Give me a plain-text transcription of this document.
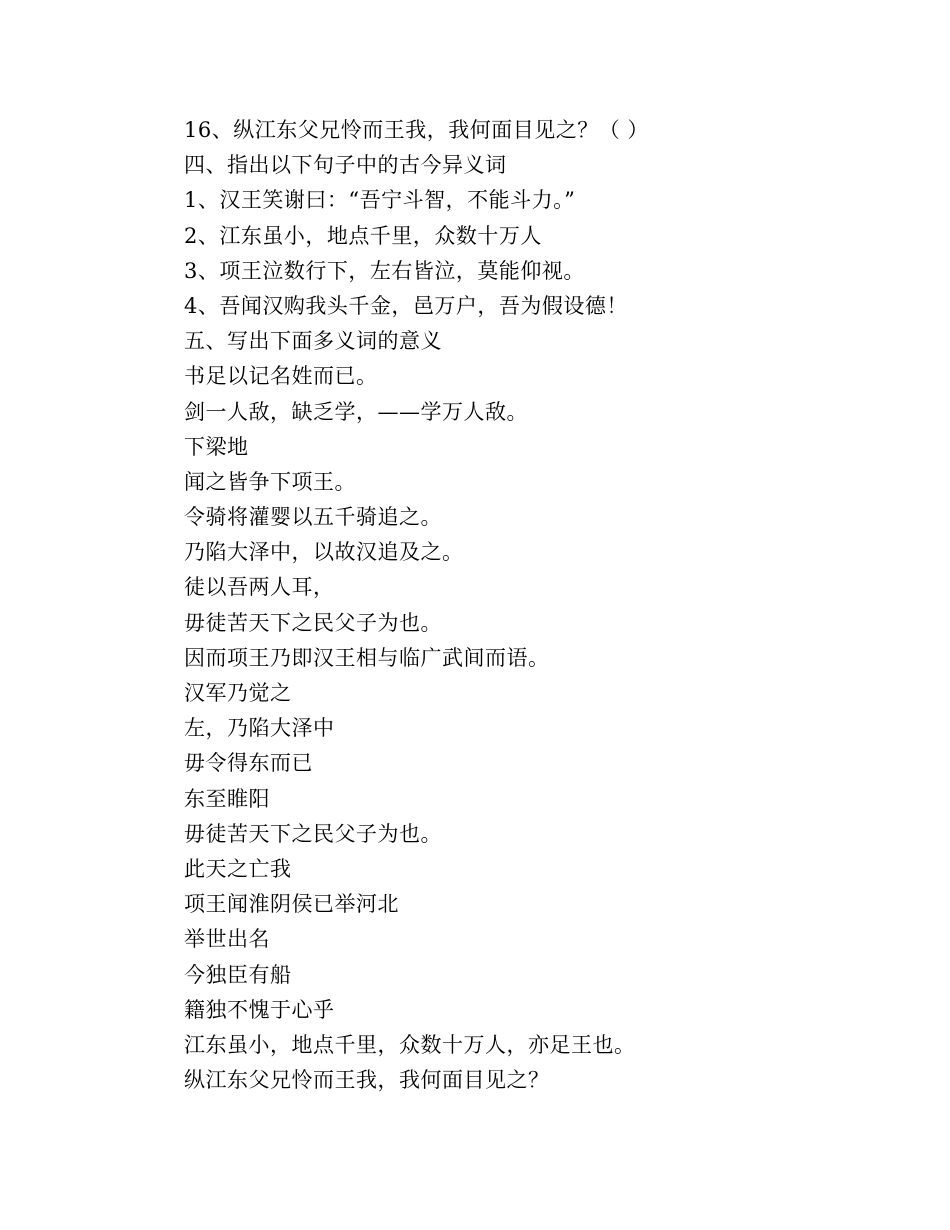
16、纵江东父兄怜而王我，我何面目见之？（ ）
四、指出以下句子中的古今异义词
1、汉王笑谢曰：“吾宁斗智，不能斗力。”
2、江东虽小，地点千里，众数十万人
3、项王泣数行下，左右皆泣，莫能仰视。
4、吾闻汉购我头千金，邑万户，吾为假设德！
五、写出下面多义词的意义
书足以记名姓而已。
剑一人敌，缺乏学，——学万人敌。
下梁地
闻之皆争下项王。
令骑将灌婴以五千骑追之。
乃陷大泽中，以故汉追及之。
徒以吾两人耳，
毋徒苦天下之民父子为也。
因而项王乃即汉王相与临广武间而语。
汉军乃觉之
左，乃陷大泽中
毋令得东而已
东至睢阳
毋徒苦天下之民父子为也。
此天之亡我
项王闻淮阴侯已举河北
举世出名
今独臣有船
籍独不愧于心乎
江东虽小，地点千里，众数十万人，亦足王也。
纵江东父兄怜而王我，我何面目见之？
